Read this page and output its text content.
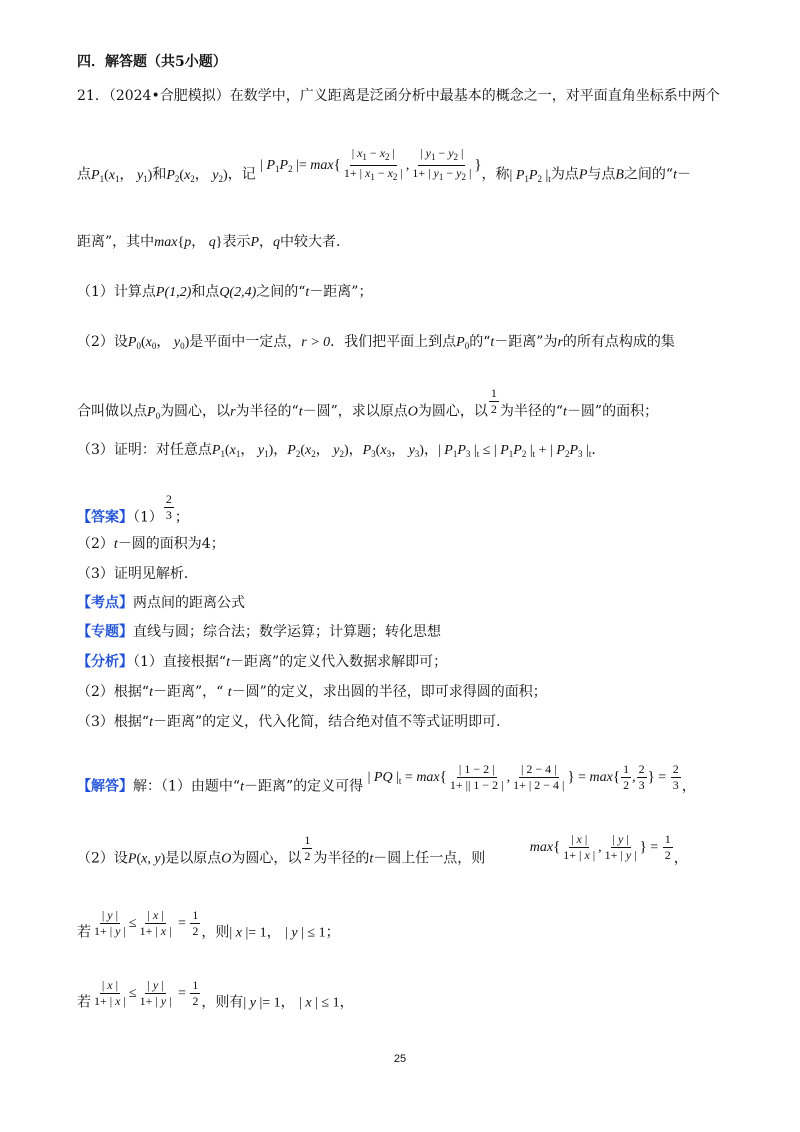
四．解答题（共5小题）
21．（2024•合肥模拟）在数学中，广义距离是泛函分析中最基本的概念之一，对平面直角坐标系中两个
点$P_1(x_1$， $y_1$)和$P_2(x_2$， $y_2$)，记 | $P_1P_2$ |= $\max\{ \frac{| x_1 - x_2 |}{1+ | x_1 - x_2 |}$ , $\frac{| y_1 - y_2 |}{1+ | y_1 - y_2 |}$ }，称| $P_1P_2$ $|_t$为点P与点B之间的“t－
距离”，其中max{p， q}表示P，q中较大者．
（1）计算点P(1,2)和点Q(2,4)之间的“t－距离”；
（2）设$P_0(x_0$， $y_0$)是平面中一定点，r > 0．我们把平面上到点$P_0$的“t－距离”为r的所有点构成的集
合叫做以点$P_0$为圆心，以r为半径的“t－圆”，求以原点O为圆心，以 $\frac{1}{2}$ 为半径的“t－圆”的面积；
（3）证明：对任意点$P_1(x_1$， $y_1$)，$P_2(x_2$， $y_2$)，$P_3(x_3$， $y_3$)，| $P_1P_3$ $|_t$ ≤ | $P_1P_2$ $|_t$ + | $P_2P_3$ $|_t$．
【答案】$(1) \frac{2}{3}$ ；
（2）t－圆的面积为4；
（3）证明见解析．
【考点】两点间的距离公式
【专题】直线与圆；综合法；数学运算；计算题；转化思想
【分析】（1）直接根据“t－距离”的定义代入数据求解即可；
（2）根据“t－距离”，“ t－圆”的定义，求出圆的半径，即可求得圆的面积；
（3）根据“t－距离”的定义，代入化简，结合绝对值不等式证明即可．
【解答】解：（1）由题中“t－距离”的定义可得 | PQ $|_t = \max\{ \frac{| 1 - 2 |}{1+ || 1 - 2 |}$ , $\frac{| 2 - 4 |}{1+ | 2 - 4 |}$ } = $\max\{ \frac{1}{2}$ , $\frac{2}{3}$ } = $\frac{2}{3}$ ，
（2）设P(x, y)是以原点O为圆心，以 $\frac{1}{2}$ 为半径的t－圆上任一点，则 $\max\{ \frac{| x |}{1+ | x |}$ , $\frac{| y |}{1+ | y |}$ } = $\frac{1}{2}$ ，
若 $\frac{| y |}{1+ | y |} \le \frac{| x |}{1+ | x |} = \frac{1}{2}$ ，则| x |= 1， | y | ≤ 1；
若 $\frac{| x |}{1+ | x |} \le \frac{| y |}{1+ | y |} = \frac{1}{2}$ ，则有| y |= 1， | x | ≤ 1，
25
